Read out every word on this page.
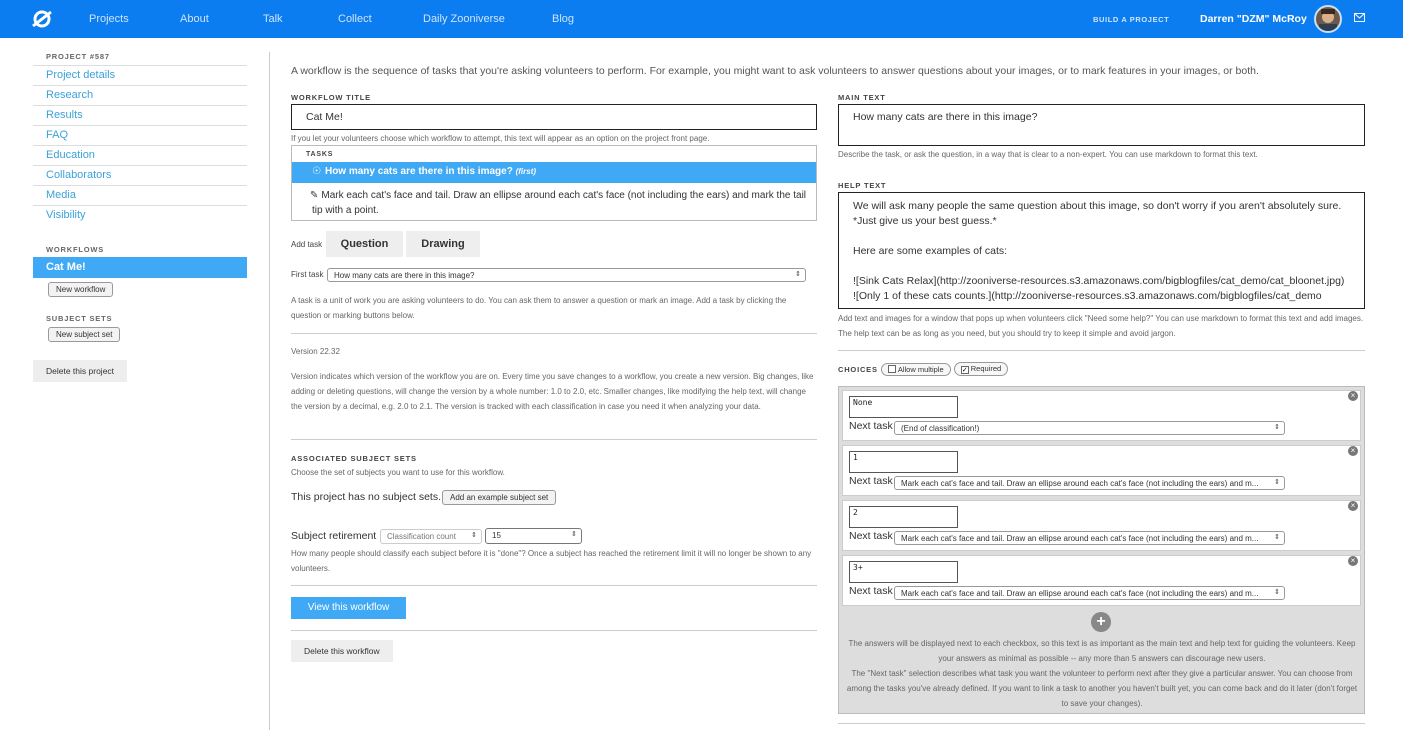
Projects	About	Talk	Collect	Daily Zooniverse	Blog	BUILD A PROJECT	Darren "DZM" McRoy
PROJECT #587
Project details
Research
Results
FAQ
Education
Collaborators
Media
Visibility
WORKFLOWS
Cat Me!
New workflow
SUBJECT SETS
New subject set
Delete this project
A workflow is the sequence of tasks that you're asking volunteers to perform. For example, you might want to ask volunteers to answer questions about your images, or to mark features in your images, or both.
WORKFLOW TITLE
Cat Me!
If you let your volunteers choose which workflow to attempt, this text will appear as an option on the project front page.
TASKS
☉ How many cats are there in this image? (first)
✎ Mark each cat's face and tail. Draw an ellipse around each cat's face (not including the ears) and mark the tail tip with a point.
Add task	Question	Drawing
First task	How many cats are there in this image?	⇕
A task is a unit of work you are asking volunteers to do. You can ask them to answer a question or mark an image. Add a task by clicking the question or marking buttons below.
Version 22.32
Version indicates which version of the workflow you are on. Every time you save changes to a workflow, you create a new version. Big changes, like adding or deleting questions, will change the version by a whole number: 1.0 to 2.0, etc. Smaller changes, like modifying the help text, will change the version by a decimal, e.g. 2.0 to 2.1. The version is tracked with each classification in case you need it when analyzing your data.
ASSOCIATED SUBJECT SETS
Choose the set of subjects you want to use for this workflow.
This project has no subject sets.	Add an example subject set
Subject retirement	Classification count ⇕	15	⇕
How many people should classify each subject before it is "done"? Once a subject has reached the retirement limit it will no longer be shown to any volunteers.
View this workflow
Delete this workflow
MAIN TEXT
How many cats are there in this image?
Describe the task, or ask the question, in a way that is clear to a non-expert. You can use markdown to format this text.
HELP TEXT
We will ask many people the same question about this image, so don't worry if you aren't absolutely sure. *Just give us your best guess.*

Here are some examples of cats:

![Sink Cats Relax](http://zooniverse-resources.s3.amazonaws.com/bigblogfiles/cat_demo/cat_bloonet.jpg)
![Only 1 of these cats counts.](http://zooniverse-resources.s3.amazonaws.com/bigblogfiles/cat_demo
Add text and images for a window that pops up when volunteers click "Need some help?" You can use markdown to format this text and add images. The help text can be as long as you need, but you should try to keep it simple and avoid jargon.
CHOICES	Allow multiple	✓ Required
None
Next task	(End of classification!)	⇕
×
1
Next task	Mark each cat's face and tail. Draw an ellipse around each cat's face (not including the ears) and m... ⇕
×
2
Next task	Mark each cat's face and tail. Draw an ellipse around each cat's face (not including the ears) and m... ⇕
×
3+
Next task	Mark each cat's face and tail. Draw an ellipse around each cat's face (not including the ears) and m... ⇕
×
+
The answers will be displayed next to each checkbox, so this text is as important as the main text and help text for guiding the volunteers. Keep your answers as minimal as possible -- any more than 5 answers can discourage new users.
The "Next task" selection describes what task you want the volunteer to perform next after they give a particular answer. You can choose from among the tasks you've already defined. If you want to link a task to another you haven't built yet, you can come back and do it later (don't forget to save your changes).
